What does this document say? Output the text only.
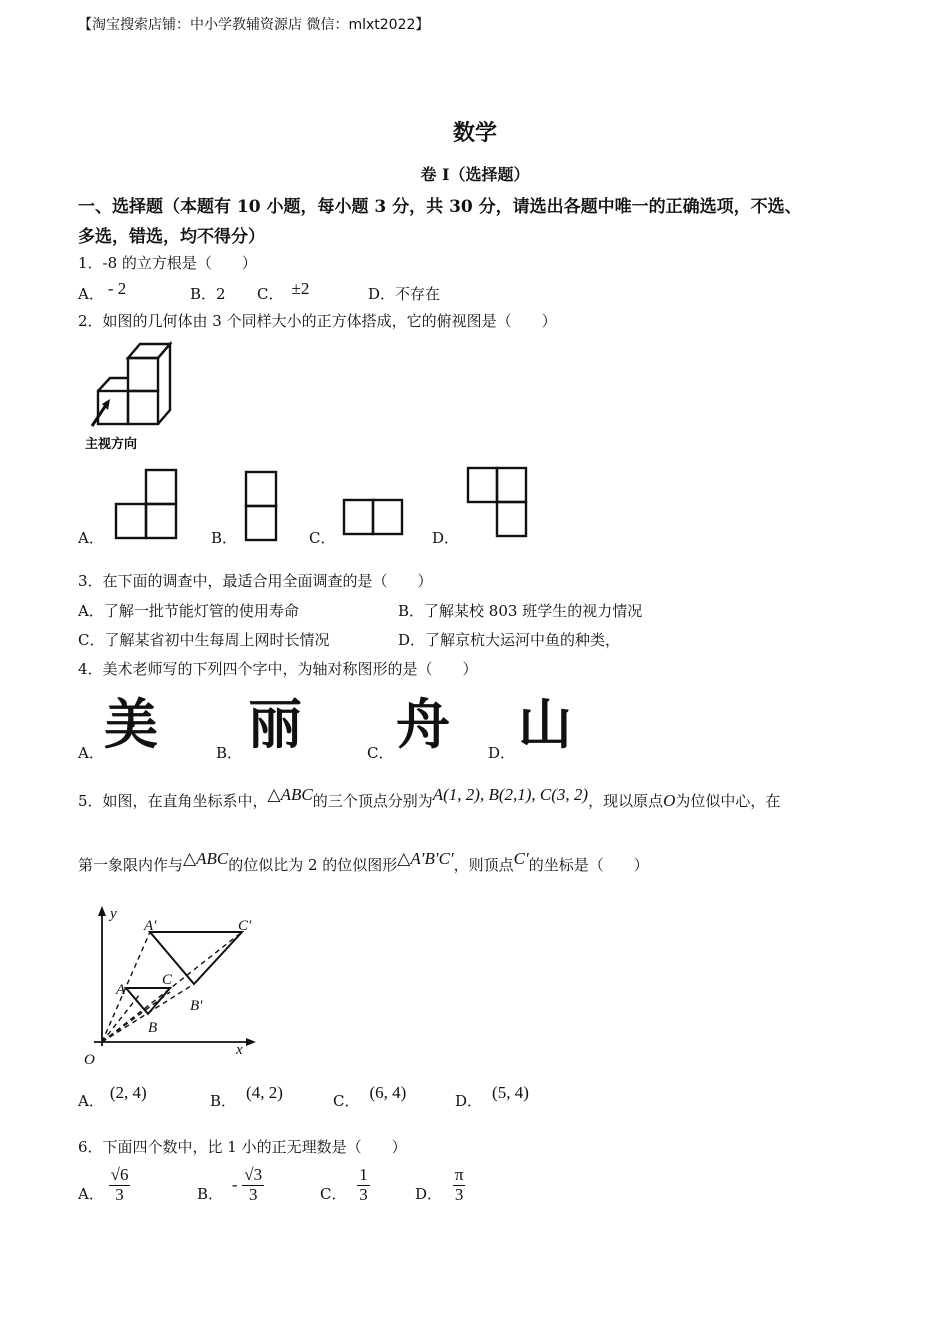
【淘宝搜索店铺：中小学教辅资源店 微信：mlxt2022】
数学
卷 I（选择题）
一、选择题（本题有 10 小题，每小题 3 分，共 30 分，请选出各题中唯一的正确选项，不选、
多选，错选，均不得分）
1．-8 的立方根是（　　）
A． - 2	B．2 C． ±2	D．不存在
2．如图的几何体由 3 个同样大小的正方体搭成，它的俯视图是（　　）
主视方向
A．	B．	C．	D．
3．在下面的调查中，最适合用全面调查的是（　　）
A．了解一批节能灯管的使用寿命	B．了解某校 803 班学生的视力情况
C．了解某省初中生每周上网时长情况	D．了解京杭大运河中鱼的种类，
4．美术老师写的下列四个字中，为轴对称图形的是（　　）
A． 美	B． 丽	C． 舟	D． 山
5．如图，在直角坐标系中，△ABC的三个顶点分别为A(1, 2), B(2,1), C(3, 2)，现以原点O为位似中心，在
第一象限内作与△ABC的位似比为 2 的位似图形△A′B′C′，则顶点C′的坐标是（　　）
y
x
O
A′	C′
C
A
B′
B
A． (2, 4)	B． (4, 2)	C． (6, 4)	D． (5, 4)
6．下面四个数中，比 1 小的正无理数是（　　）
A． $\frac{√6}{3}$	B． - $\frac{√3}{3}$	C． $\frac{1}{3}$	D． $\frac{\pi}{3}$
